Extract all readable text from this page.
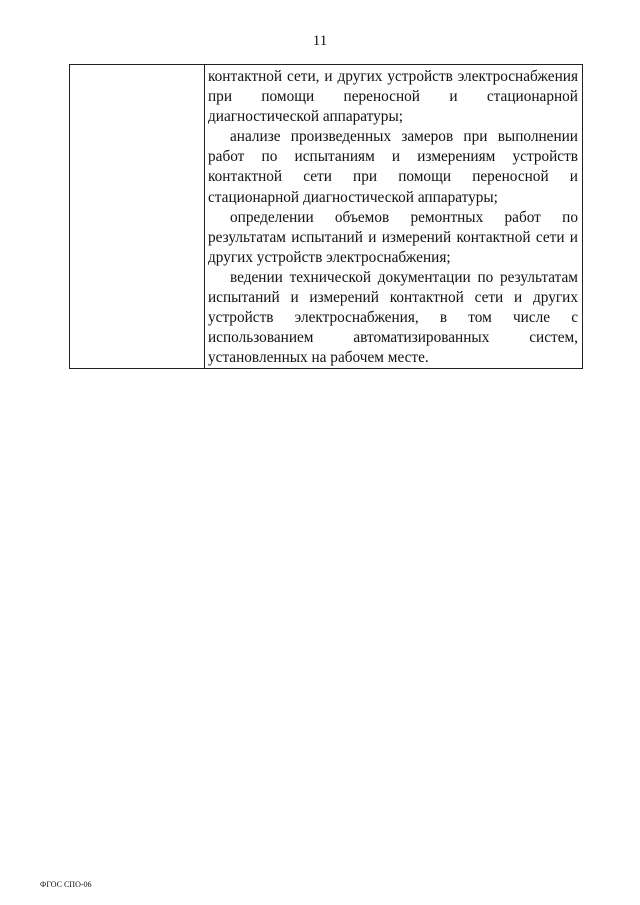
11
контактной сети, и других устройств электроснабжения
при помощи переносной и стационарной
диагностической аппаратуры;
анализе произведенных замеров при выполнении
работ по испытаниям и измерениям устройств
контактной сети при помощи переносной и
стационарной диагностической аппаратуры;
определении объемов ремонтных работ по
результатам испытаний и измерений контактной сети и
других устройств электроснабжения;
ведении технической документации по результатам
испытаний и измерений контактной сети и других
устройств электроснабжения, в том числе с
использованием автоматизированных систем,
установленных на рабочем месте.
ФГОС СПО-06
